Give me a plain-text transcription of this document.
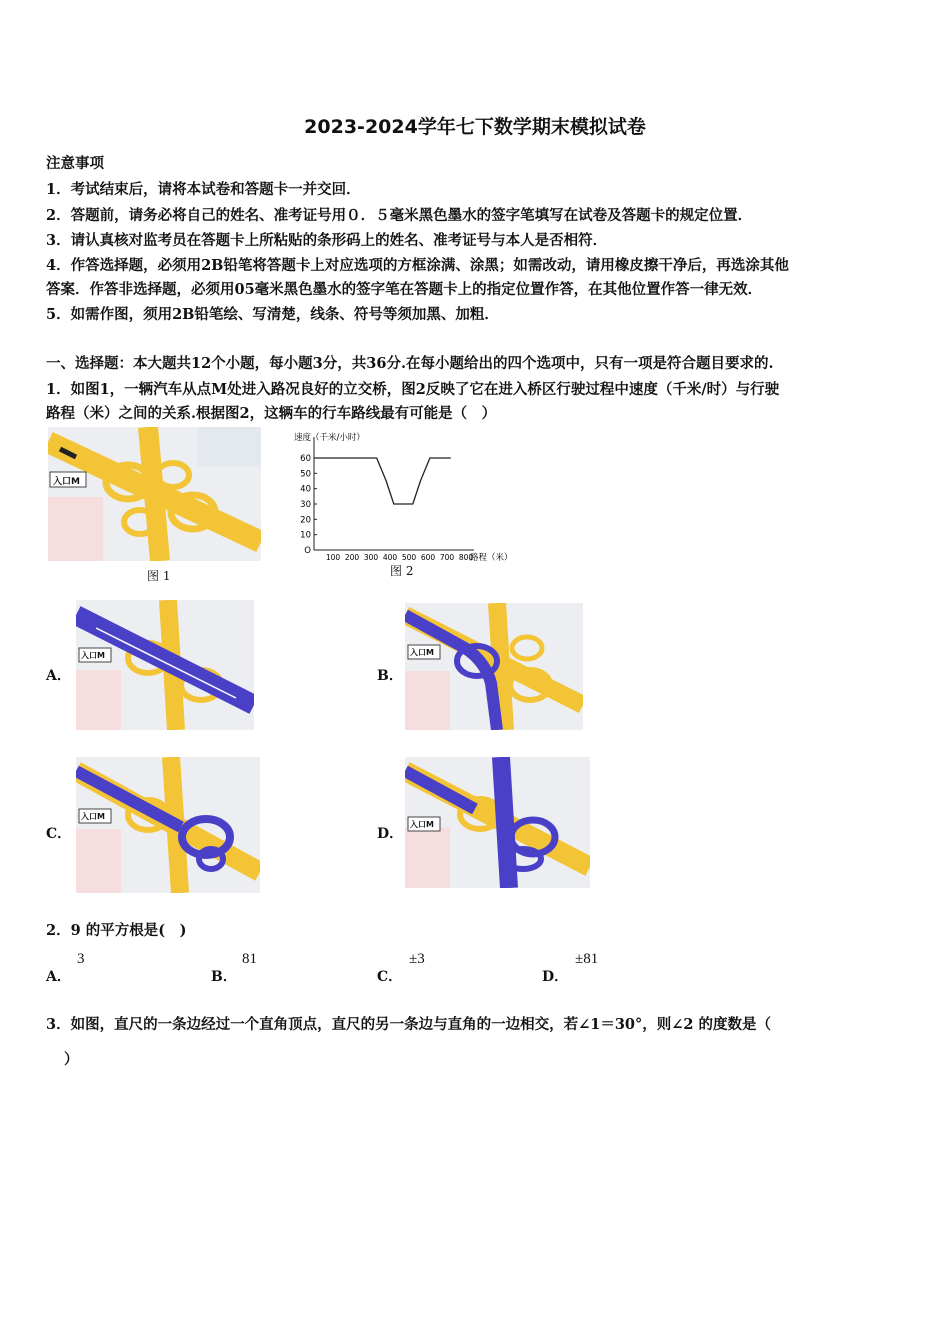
2023-2024学年七下数学期末模拟试卷
注意事项
1．考试结束后，请将本试卷和答题卡一并交回．
2．答题前，请务必将自己的姓名、准考证号用０．５毫米黑色墨水的签字笔填写在试卷及答题卡的规定位置．
3．请认真核对监考员在答题卡上所粘贴的条形码上的姓名、准考证号与本人是否相符．
4．作答选择题，必须用2B铅笔将答题卡上对应选项的方框涂满、涂黑；如需改动，请用橡皮擦干净后，再选涂其他
答案．作答非选择题，必须用05毫米黑色墨水的签字笔在答题卡上的指定位置作答，在其他位置作答一律无效．
5．如需作图，须用2B铅笔绘、写清楚，线条、符号等须加黑、加粗．
一、选择题：本大题共12个小题，每小题3分，共36分.在每小题给出的四个选项中，只有一项是符合题目要求的.
1．如图1，一辆汽车从点M处进入路况良好的立交桥，图2反映了它在进入桥区行驶过程中速度（千米/时）与行驶
路程（米）之间的关系.根据图2，这辆车的行车路线最有可能是（　）
入口M
图 1
速度（千米/小时）
路程（米）
O
10
20
30
40
50
60
100 200 300 400 500 600 700 800
图 2
A．
入口M
B．
入口M
C．
入口M
D．
入口M
2．9 的平方根是(　)
A．
3
B．
81
C．
±3
D．
±81
3．如图，直尺的一条边经过一个直角顶点，直尺的另一条边与直角的一边相交，若∠1＝30°，则∠2 的度数是（
）
